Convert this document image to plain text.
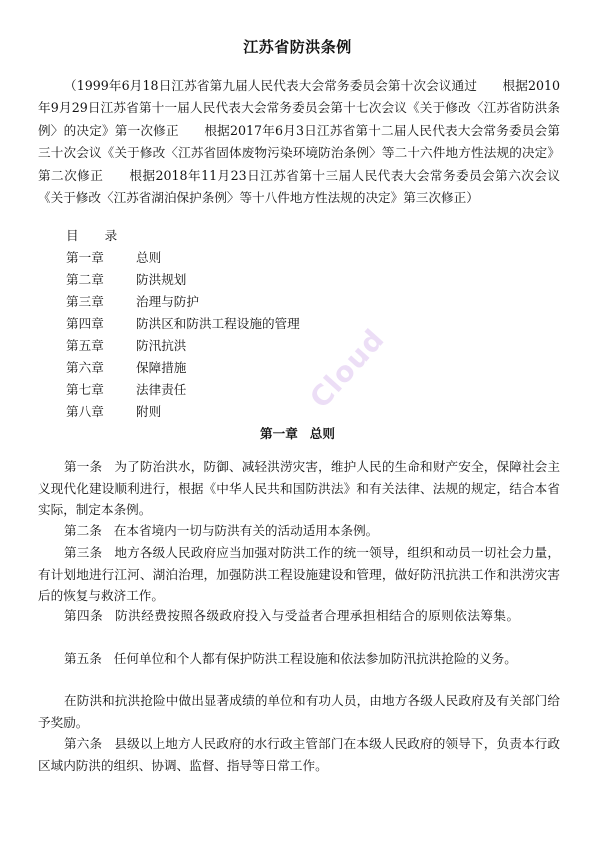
江苏省防洪条例

（1999年6月18日江苏省第九届人民代表大会常务委员会第十次会议通过　　根据2010年9月29日江苏省第十一届人民代表大会常务委员会第十七次会议《关于修改〈江苏省防洪条例〉的决定》第一次修正　　根据2017年6月3日江苏省第十二届人民代表大会常务委员会第三十次会议《关于修改〈江苏省固体废物污染环境防治条例〉等二十六件地方性法规的决定》第二次修正　　根据2018年11月23日江苏省第十三届人民代表大会常务委员会第六次会议《关于修改〈江苏省湖泊保护条例〉等十八件地方性法规的决定》第三次修正）

目 录
第一章	总则
第二章	防洪规划
第三章	治理与防护
第四章	防洪区和防洪工程设施的管理
第五章	防汛抗洪
第六章	保障措施
第七章	法律责任
第八章	附则
第一章 总则

第一条 为了防治洪水，防御、减轻洪涝灾害，维护人民的生命和财产安全，保障社会主义现代化建设顺利进行，根据《中华人民共和国防洪法》和有关法律、法规的规定，结合本省实际，制定本条例。

第二条 在本省境内一切与防洪有关的活动适用本条例。

第三条 地方各级人民政府应当加强对防洪工作的统一领导，组织和动员一切社会力量，有计划地进行江河、湖泊治理，加强防洪工程设施建设和管理，做好防汛抗洪工作和洪涝灾害后的恢复与救济工作。

第四条 防洪经费按照各级政府投入与受益者合理承担相结合的原则依法筹集。

第五条 任何单位和个人都有保护防洪工程设施和依法参加防汛抗洪抢险的义务。

在防洪和抗洪抢险中做出显著成绩的单位和有功人员，由地方各级人民政府及有关部门给予奖励。

第六条 县级以上地方人民政府的水行政主管部门在本级人民政府的领导下，负责本行政区域内防洪的组织、协调、监督、指导等日常工作。

Cloud
